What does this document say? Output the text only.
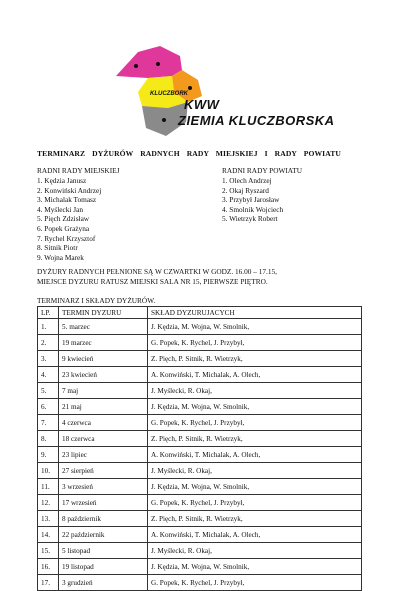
KLUCZBORK
KWW
ZIEMIA KLUCZBORSKA
TERMINARZ DYŻURÓW RADNYCH RADY MIEJSKIEJ I RADY POWIATU
RADNI RADY MIEJSKIEJ
1. Kędzia Janusz
2. Konwiński Andrzej
3. Michalak Tomasz
4. Myślecki Jan
5. Pięch Zdzisław
6. Popek Grażyna
7. Rychel Krzysztof
8. Sitnik Piotr
9. Wojna Marek
RADNI RADY POWIATU
1. Olech Andrzej
2. Okaj Ryszard
3. Przybył Jarosław
4. Smolnik Wojciech
5. Wietrzyk Robert
DYŻURY RADNYCH PEŁNIONE SĄ W CZWARTKI W GODZ. 16.00 – 17.15,
MIEJSCE DYZURU RATUSZ MIEJSKI SALA NR 15, PIERWSZE PIĘTRO.
TERMINARZ I SKŁADY DYŻURÓW.
LP.	TERMIN DYZURU	SKŁAD DYZURUJACYCH
1.	5. marzec	J. Kędzia, M. Wojna, W. Smolnik,
2.	19 marzec	G. Popek, K. Rychel, J. Przybył,
3.	9 kwiecień	Z. Pięch, P. Sitnik, R. Wietrzyk,
4.	23 kwiecień	A. Konwiński, T. Michalak, A. Olech,
5.	7 maj	J. Myślecki, R. Okaj,
6.	21 maj	J. Kędzia, M. Wojna, W. Smolnik,
7.	4 czerwca	G. Popek, K. Rychel, J. Przybył,
8.	18 czerwca	Z. Pięch, P. Sitnik, R. Wietrzyk,
9.	23 lipiec	A. Konwiński, T. Michalak, A. Olech,
10.	27 sierpień	J. Myślecki, R. Okaj,
11.	3 wrzesień	J. Kędzia, M. Wojna, W. Smolnik,
12.	17 wrzesień	G. Popek, K. Rychel, J. Przybył,
13.	8 październik	Z. Pięch, P. Sitnik, R. Wietrzyk,
14.	22 październik	A. Konwiński, T. Michalak, A. Olech,
15.	5 listopad	J. Myślecki, R. Okaj,
16.	19 listopad	J. Kędzia, M. Wojna, W. Smolnik,
17.	3 grudzień	G. Popek, K. Rychel, J. Przybył,
